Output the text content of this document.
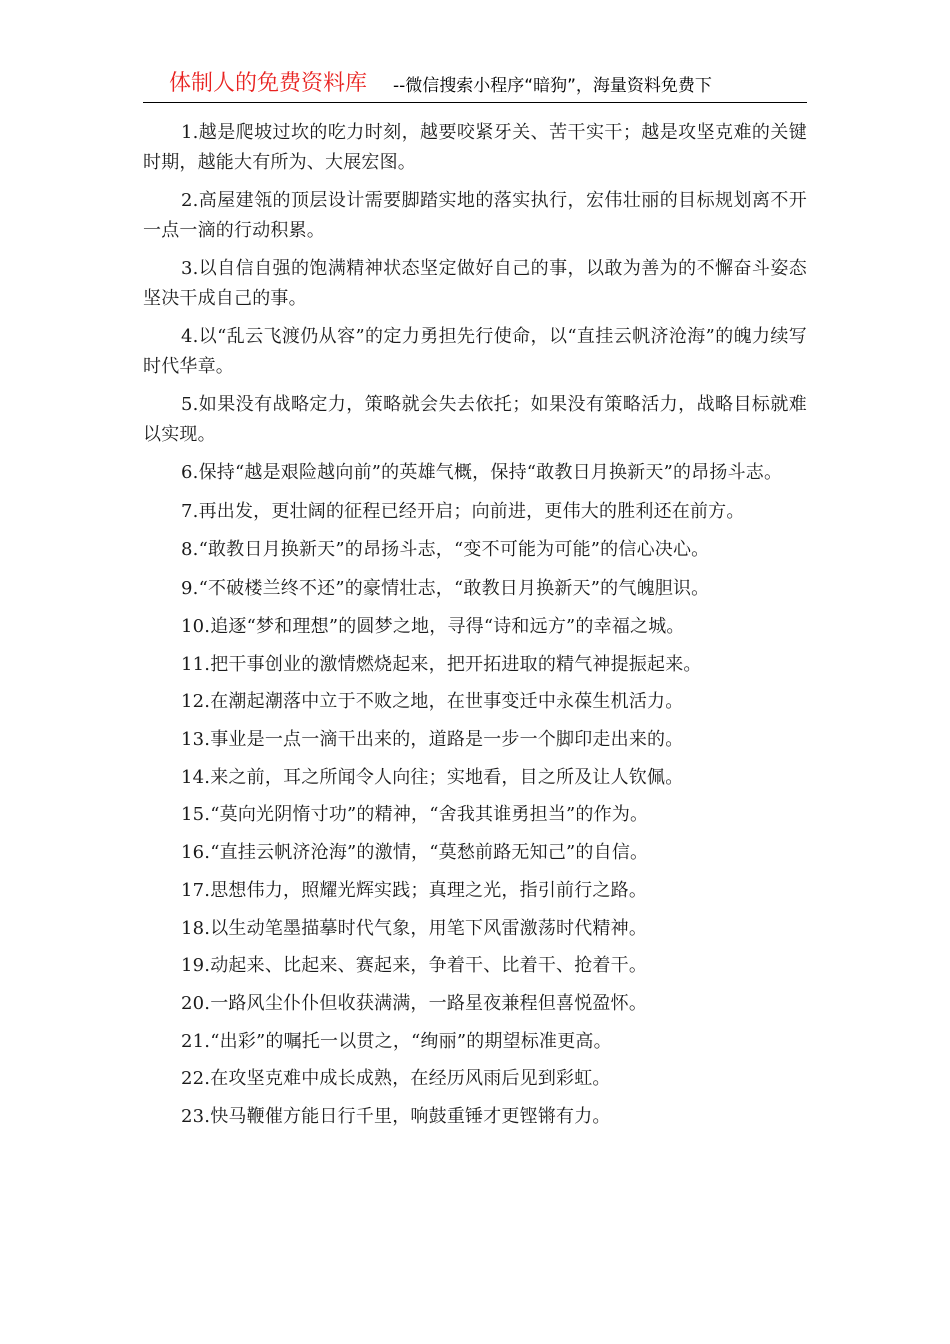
体制人的免费资料库 --微信搜索小程序“暗狗”，海量资料免费下

1.越是爬坡过坎的吃力时刻，越要咬紧牙关、苦干实干；越是攻坚克难的关键时期，越能大有所为、大展宏图。

2.高屋建瓴的顶层设计需要脚踏实地的落实执行，宏伟壮丽的目标规划离不开一点一滴的行动积累。

3.以自信自强的饱满精神状态坚定做好自己的事，以敢为善为的不懈奋斗姿态坚决干成自己的事。

4.以“乱云飞渡仍从容”的定力勇担先行使命，以“直挂云帆济沧海”的魄力续写时代华章。

5.如果没有战略定力，策略就会失去依托；如果没有策略活力，战略目标就难以实现。

6.保持“越是艰险越向前”的英雄气概，保持“敢教日月换新天”的昂扬斗志。

7.再出发，更壮阔的征程已经开启；向前进，更伟大的胜利还在前方。

8.“敢教日月换新天”的昂扬斗志，“变不可能为可能”的信心决心。

9.“不破楼兰终不还”的豪情壮志，“敢教日月换新天”的气魄胆识。

10.追逐“梦和理想”的圆梦之地，寻得“诗和远方”的幸福之城。

11.把干事创业的激情燃烧起来，把开拓进取的精气神提振起来。

12.在潮起潮落中立于不败之地，在世事变迁中永葆生机活力。

13.事业是一点一滴干出来的，道路是一步一个脚印走出来的。

14.来之前，耳之所闻令人向往；实地看，目之所及让人钦佩。

15.“莫向光阴惰寸功”的精神，“舍我其谁勇担当”的作为。

16.“直挂云帆济沧海”的激情，“莫愁前路无知己”的自信。

17.思想伟力，照耀光辉实践；真理之光，指引前行之路。

18.以生动笔墨描摹时代气象，用笔下风雷激荡时代精神。

19.动起来、比起来、赛起来，争着干、比着干、抢着干。

20.一路风尘仆仆但收获满满，一路星夜兼程但喜悦盈怀。

21.“出彩”的嘱托一以贯之，“绚丽”的期望标准更高。

22.在攻坚克难中成长成熟，在经历风雨后见到彩虹。

23.快马鞭催方能日行千里，响鼓重锤才更铿锵有力。
